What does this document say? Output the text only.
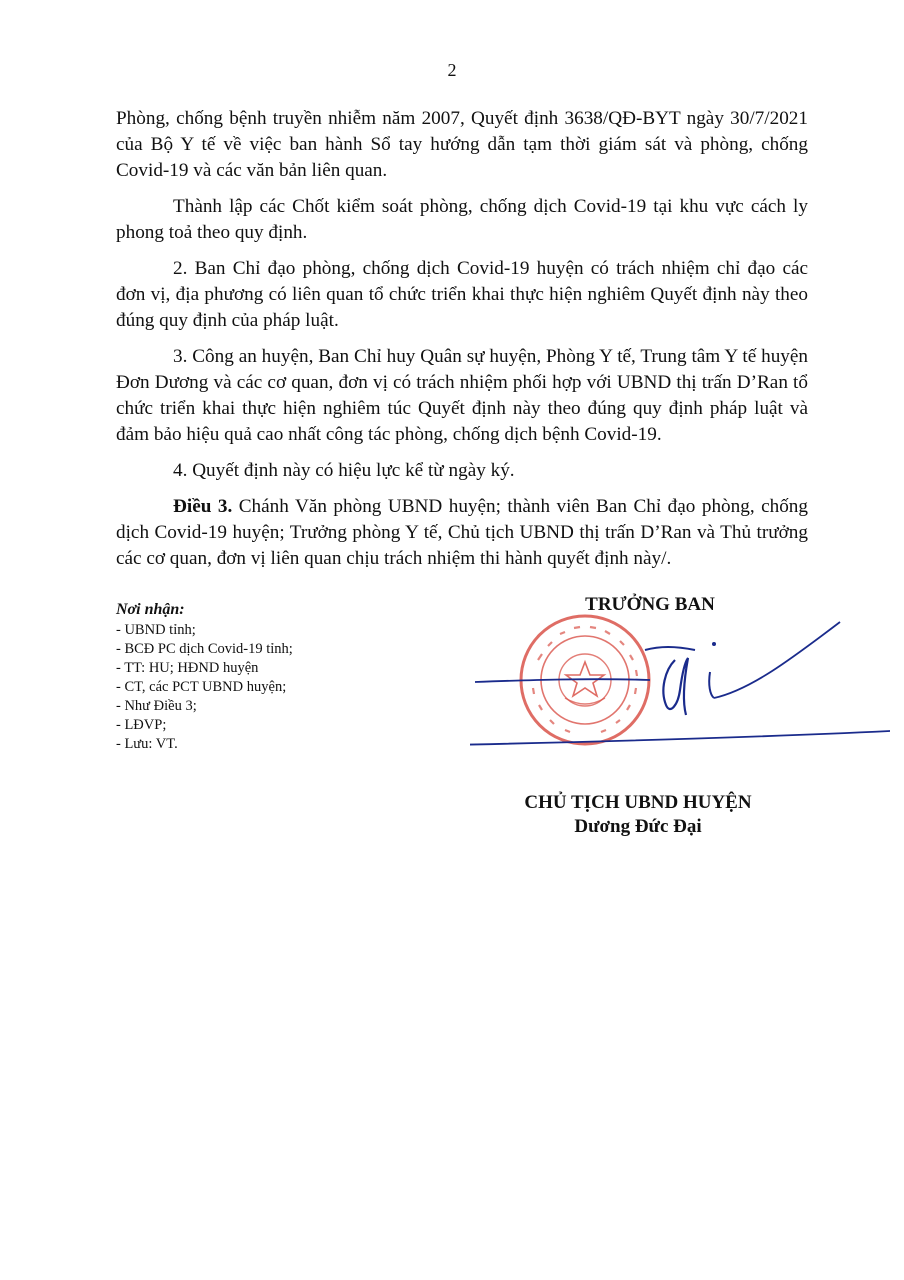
2

Phòng, chống bệnh truyền nhiễm năm 2007, Quyết định 3638/QĐ-BYT ngày 30/7/2021 của Bộ Y tế về việc ban hành Sổ tay hướng dẫn tạm thời giám sát và phòng, chống Covid-19 và các văn bản liên quan.

Thành lập các Chốt kiểm soát phòng, chống dịch Covid-19 tại khu vực cách ly phong toả theo quy định.

2. Ban Chỉ đạo phòng, chống dịch Covid-19 huyện có trách nhiệm chỉ đạo các đơn vị, địa phương có liên quan tổ chức triển khai thực hiện nghiêm Quyết định này theo đúng quy định của pháp luật.

3. Công an huyện, Ban Chỉ huy Quân sự huyện, Phòng Y tế, Trung tâm Y tế huyện Đơn Dương và các cơ quan, đơn vị có trách nhiệm phối hợp với UBND thị trấn D’Ran tổ chức triển khai thực hiện nghiêm túc Quyết định này theo đúng quy định pháp luật và đảm bảo hiệu quả cao nhất công tác phòng, chống dịch bệnh Covid-19.

4. Quyết định này có hiệu lực kể từ ngày ký.

Điều 3. Chánh Văn phòng UBND huyện; thành viên Ban Chỉ đạo phòng, chống dịch Covid-19 huyện; Trưởng phòng Y tế, Chủ tịch UBND thị trấn D’Ran và Thủ trưởng các cơ quan, đơn vị liên quan chịu trách nhiệm thi hành quyết định này/.

Nơi nhận:
- UBND tỉnh;
- BCĐ PC dịch Covid-19 tỉnh;
- TT: HU; HĐND huyện
- CT, các PCT UBND huyện;
- Như Điều 3;
- LĐVP;
- Lưu: VT.
TRƯỞNG BAN
CHỦ TỊCH UBND HUYỆN
Dương Đức Đại
